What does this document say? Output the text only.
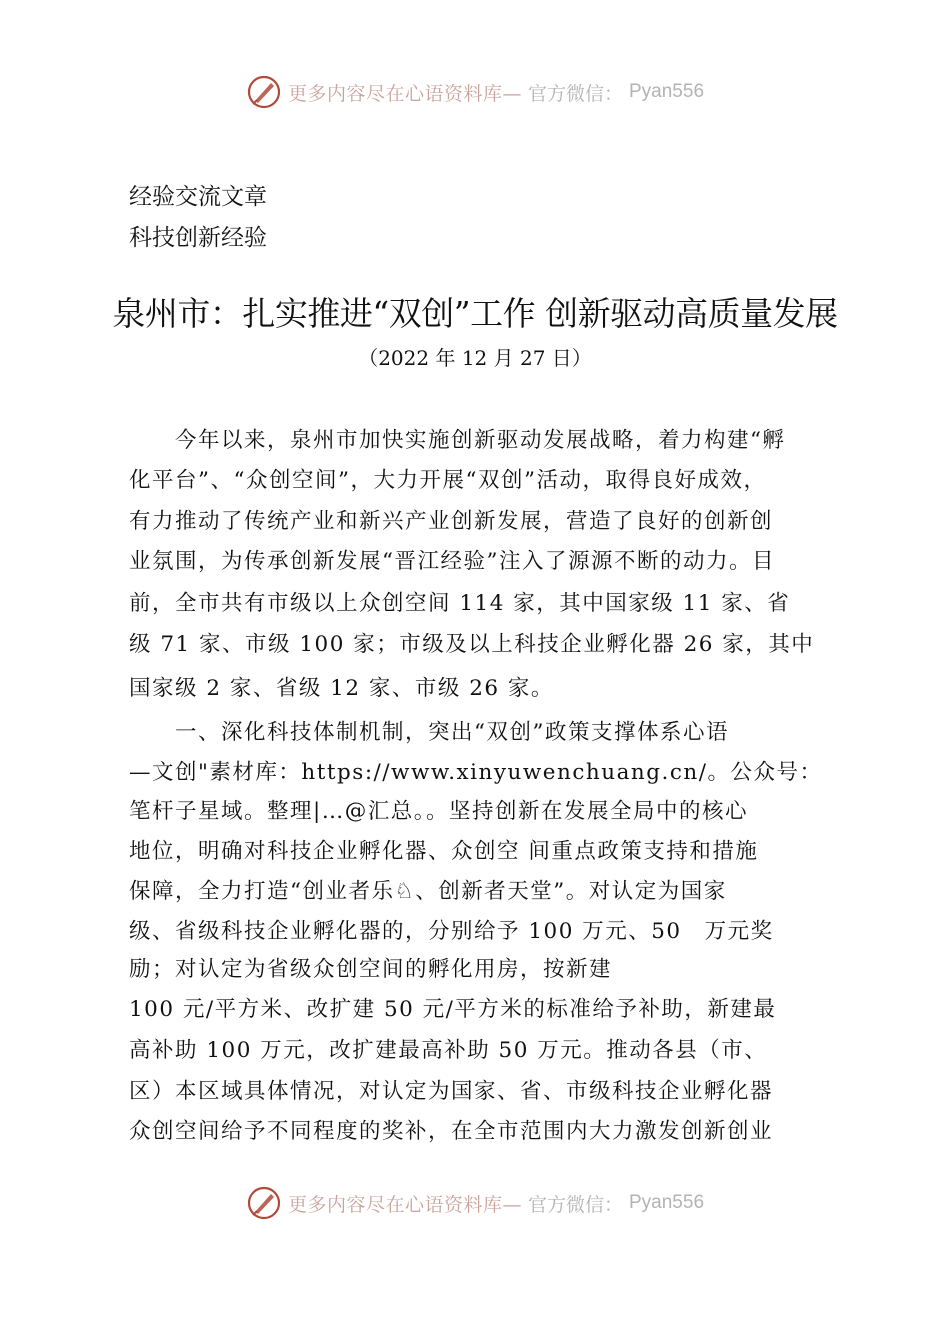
更多内容尽在心语资料库— 官方微信： Pyan556
经验交流文章
科技创新经验
泉州市：扎实推进“双创”工作 创新驱动高质量发展
（2022 年 12 月 27 日）
　　今年以来，泉州市加快实施创新驱动发展战略，着力构建“孵
化平台”、“众创空间”，大力开展“双创”活动，取得良好成效，
有力推动了传统产业和新兴产业创新发展，营造了良好的创新创
业氛围，为传承创新发展“晋江经验”注入了源源不断的动力。目
前，全市共有市级以上众创空间 114 家，其中国家级 11 家、省
级 71 家、市级 100 家；市级及以上科技企业孵化器 26 家，其中
国家级 2 家、省级 12 家、市级 26 家。
　　一、深化科技体制机制，突出“双创”政策支撑体系心语
—文创"素材库：https://www.xinyuwenchuang.cn/。公众号：
笔杆子星域。整理|…@汇总。。坚持创新在发展全局中的核心
地位，明确对科技企业孵化器、众创空 间重点政策支持和措施
保障，全力打造“创业者乐♘、创新者天堂”。对认定为国家
级、省级科技企业孵化器的，分别给予 100 万元、50　万元奖
励；对认定为省级众创空间的孵化用房，按新建
100 元/平方米、改扩建 50 元/平方米的标准给予补助，新建最
高补助 100 万元，改扩建最高补助 50 万元。推动各县（市、
区）本区域具体情况，对认定为国家、省、市级科技企业孵化器
众创空间给予不同程度的奖补，在全市范围内大力激发创新创业
更多内容尽在心语资料库— 官方微信： Pyan556
